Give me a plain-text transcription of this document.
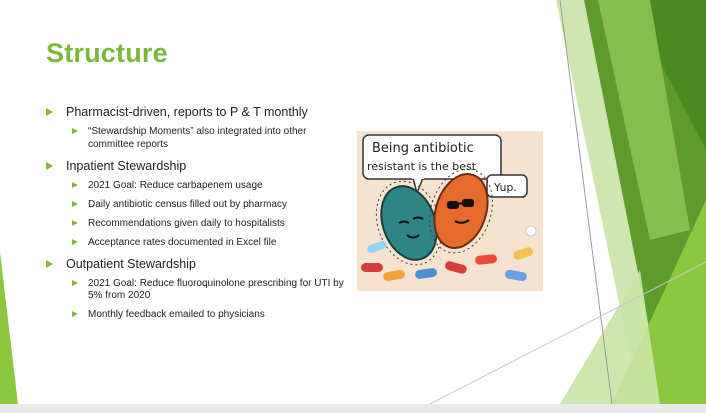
Structure
Pharmacist-driven, reports to P & T monthly
“Stewardship Moments” also integrated into other committee reports
Inpatient Stewardship
2021 Goal: Reduce carbapenem usage
Daily antibiotic census filled out by pharmacy
Recommendations given daily to hospitalists
Acceptance rates documented in Excel file
Outpatient Stewardship
2021 Goal: Reduce fluoroquinolone prescribing for UTI by 5% from 2020
Monthly feedback emailed to physicians
Being antibiotic
resistant is the best
Yup.
